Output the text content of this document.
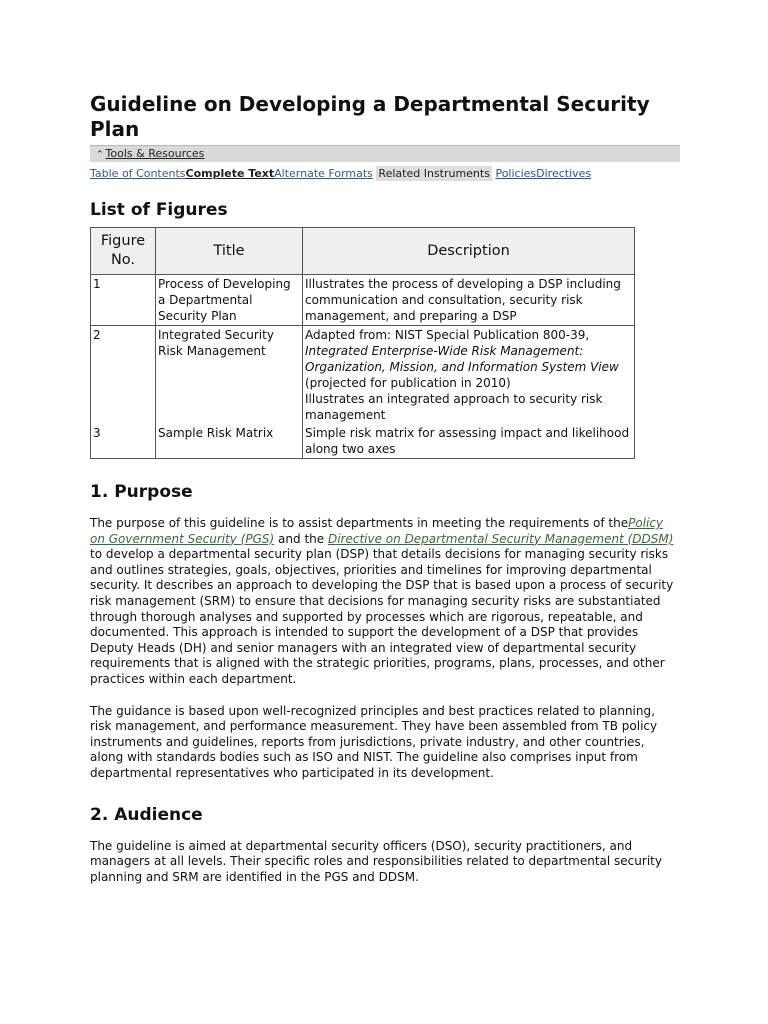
Guideline on Developing a Departmental Security Plan
⌃ Tools & Resources
Table of ContentsComplete TextAlternate Formats Related Instruments PoliciesDirectives
List of Figures
Figure No.	Title	Description
1	Process of Developing a Departmental Security Plan	Illustrates the process of developing a DSP including communication and consultation, security risk management, and preparing a DSP
2	Integrated Security Risk Management	Adapted from: NIST Special Publication 800-39, Integrated Enterprise-Wide Risk Management: Organization, Mission, and Information System View (projected for publication in 2010)
Illustrates an integrated approach to security risk management
3	Sample Risk Matrix	Simple risk matrix for assessing impact and likelihood along two axes
1. Purpose

The purpose of this guideline is to assist departments in meeting the requirements of thePolicy on Government Security (PGS) and the Directive on Departmental Security Management (DDSM) to develop a departmental security plan (DSP) that details decisions for managing security risks and outlines strategies, goals, objectives, priorities and timelines for improving departmental security. It describes an approach to developing the DSP that is based upon a process of security risk management (SRM) to ensure that decisions for managing security risks are substantiated through thorough analyses and supported by processes which are rigorous, repeatable, and documented. This approach is intended to support the development of a DSP that provides Deputy Heads (DH) and senior managers with an integrated view of departmental security requirements that is aligned with the strategic priorities, programs, plans, processes, and other practices within each department.

The guidance is based upon well-recognized principles and best practices related to planning, risk management, and performance measurement. They have been assembled from TB policy instruments and guidelines, reports from jurisdictions, private industry, and other countries, along with standards bodies such as ISO and NIST. The guideline also comprises input from departmental representatives who participated in its development.

2. Audience

The guideline is aimed at departmental security officers (DSO), security practitioners, and managers at all levels. Their specific roles and responsibilities related to departmental security planning and SRM are identified in the PGS and DDSM.
